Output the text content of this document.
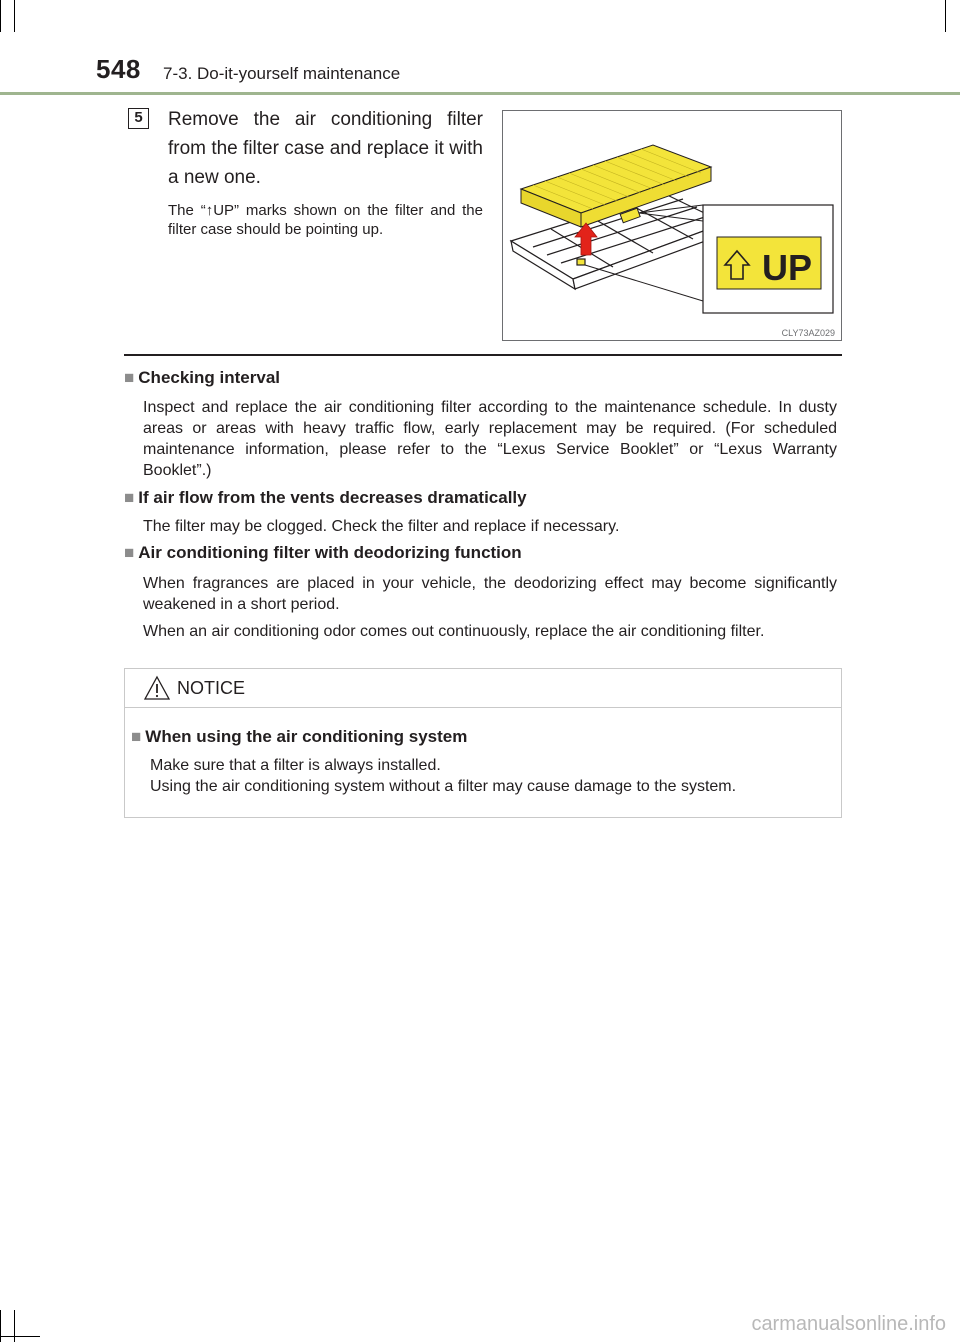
548 7-3. Do-it-yourself maintenance
5	Remove the air conditioning filter from the filter case and replace it with a new one.
The “↑UP” marks shown on the filter and the filter case should be pointing up.
UP
CLY73AZ029
■ Checking interval
Inspect and replace the air conditioning filter according to the maintenance schedule. In dusty areas or areas with heavy traffic flow, early replacement may be required. (For scheduled maintenance information, please refer to the “Lexus Service Booklet” or “Lexus Warranty Booklet”.)
■ If air flow from the vents decreases dramatically
The filter may be clogged. Check the filter and replace if necessary.
■ Air conditioning filter with deodorizing function
When fragrances are placed in your vehicle, the deodorizing effect may become significantly weakened in a short period.
When an air conditioning odor comes out continuously, replace the air conditioning filter.
NOTICE
■ When using the air conditioning system
Make sure that a filter is always installed.
Using the air conditioning system without a filter may cause damage to the system.
carmanualsonline.info
